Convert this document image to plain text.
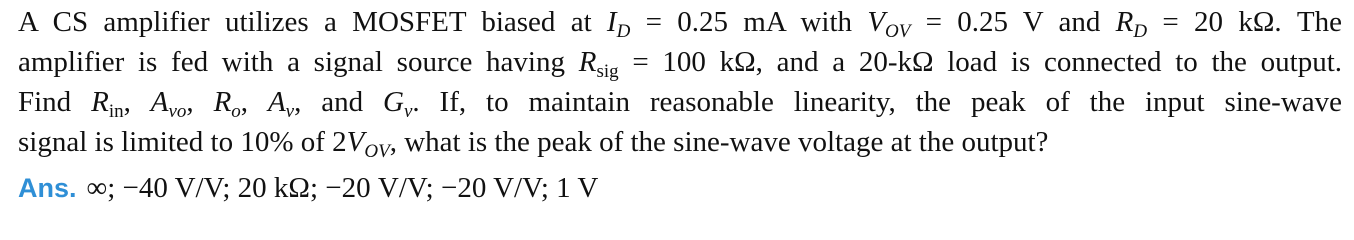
A CS amplifier utilizes a MOSFET biased at $I_D = 0.25$ mA with $V_{OV} = 0.25$ V and $R_D = 20$ kΩ. The
amplifier is fed with a signal source having $R_{sig} = 100$ kΩ, and a 20-kΩ load is connected to the output.
Find $R_{in}$, $A_{vo}$, $R_o$, $A_v$, and $G_v$. If, to maintain reasonable linearity, the peak of the input sine-wave
signal is limited to 10% of $2V_{OV}$, what is the peak of the sine-wave voltage at the output?
Ans. ∞; −40 V/V; 20 kΩ; −20 V/V; −20 V/V; 1 V
